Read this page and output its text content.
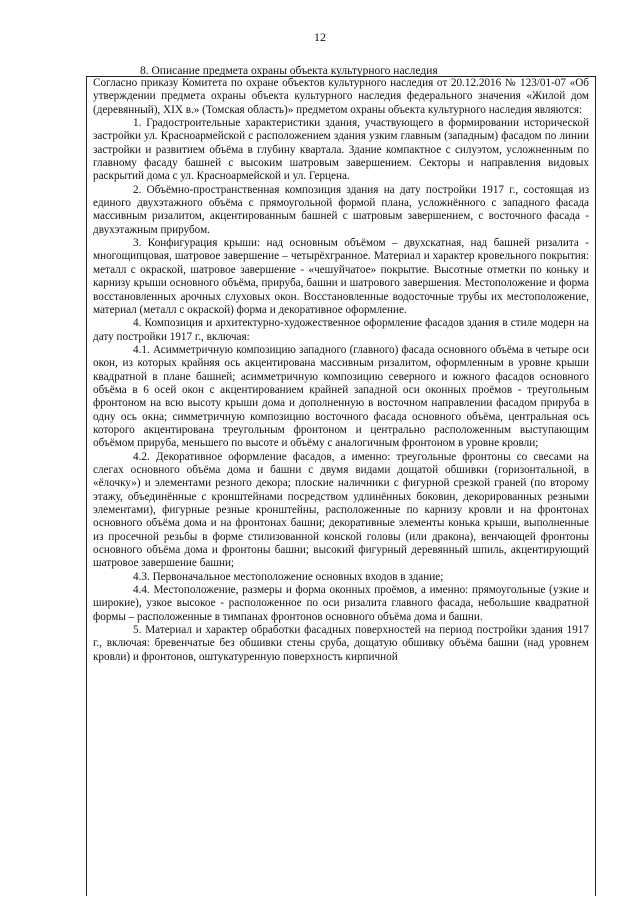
12
8. Описание предмета охраны объекта культурного наследия

Согласно приказу Комитета по охране объектов культурного наследия от 20.12.2016 № 123/01-07 «Об утверждении предмета охраны объекта культурного наследия федерального значения «Жилой дом (деревянный), XIX в.» (Томская область)» предметом охраны объекта культурного наследия являются:

1. Градостроительные характеристики здания, участвующего в формировании исторической застройки ул. Красноармейской с расположением здания узким главным (западным) фасадом по линии застройки и развитием объёма в глубину квартала. Здание компактное с силуэтом, усложненным по главному фасаду башней с высоким шатровым завершением. Секторы и направления видовых раскрытий дома с ул. Красноармейской и ул. Герцена.

2. Объёмно-пространственная композиция здания на дату постройки 1917 г., состоящая из единого двухэтажного объёма с прямоугольной формой плана, усложнённого с западного фасада массивным ризалитом, акцентированным башней с шатровым завершением, с восточного фасада - двухэтажным прирубом.

3. Конфигурация крыши: над основным объёмом – двухскатная, над башней ризалита - многощипцовая, шатровое завершение – четырёхгранное. Материал и характер кровельного покрытия: металл с окраской, шатровое завершение - «чешуйчатое» покрытие. Высотные отметки по коньку и карнизу крыши основного объёма, прируба, башни и шатрового завершения. Местоположение и форма восстановленных арочных слуховых окон. Восстановленные водосточные трубы их местоположение, материал (металл с окраской) форма и декоративное оформление.

4. Композиция и архитектурно-художественное оформление фасадов здания в стиле модерн на дату постройки 1917 г., включая:

4.1. Асимметричную композицию западного (главного) фасада основного объёма в четыре оси окон, из которых крайняя ось акцентирована массивным ризалитом, оформленным в уровне крыши квадратной в плане башней; асимметричную композицию северного и южного фасадов основного объёма в 6 осей окон с акцентированием крайней западной оси оконных проёмов - треугольным фронтоном на всю высоту крыши дома и дополненную в восточном направлении фасадом прируба в одну ось окна; симметричную композицию восточного фасада основного объёма, центральная ось которого акцентирована треугольным фронтоном и центрально расположенным выступающим объёмом прируба, меньшего по высоте и объёму с аналогичным фронтоном в уровне кровли;

4.2. Декоративное оформление фасадов, а именно: треугольные фронтоны со свесами на слегах основного объёма дома и башни с двумя видами дощатой обшивки (горизонтальной, в «ёлочку») и элементами резного декора; плоские наличники с фигурной срезкой граней (по второму этажу, объединённые с кронштейнами посредством удлинённых боковин, декорированных резными элементами), фигурные резные кронштейны, расположенные по карнизу кровли и на фронтонах основного объёма дома и на фронтонах башни; декоративные элементы конька крыши, выполненные из просечной резьбы в форме стилизованной конской головы (или дракона), венчающей фронтоны основного объёма дома и фронтоны башни; высокий фигурный деревянный шпиль, акцентирующий шатровое завершение башни;

4.3. Первоначальное местоположение основных входов в здание;

4.4. Местоположение, размеры и форма оконных проёмов, а именно: прямоугольные (узкие и широкие), узкое высокое - расположенное по оси ризалита главного фасада, небольшие квадратной формы – расположенные в тимпанах фронтонов основного объёма дома и башни.

5. Материал и характер обработки фасадных поверхностей на период постройки здания 1917 г., включая: бревенчатые без обшивки стены сруба, дощатую обшивку объёма башни (над уровнем кровли) и фронтонов, оштукатуренную поверхность кирпичной
